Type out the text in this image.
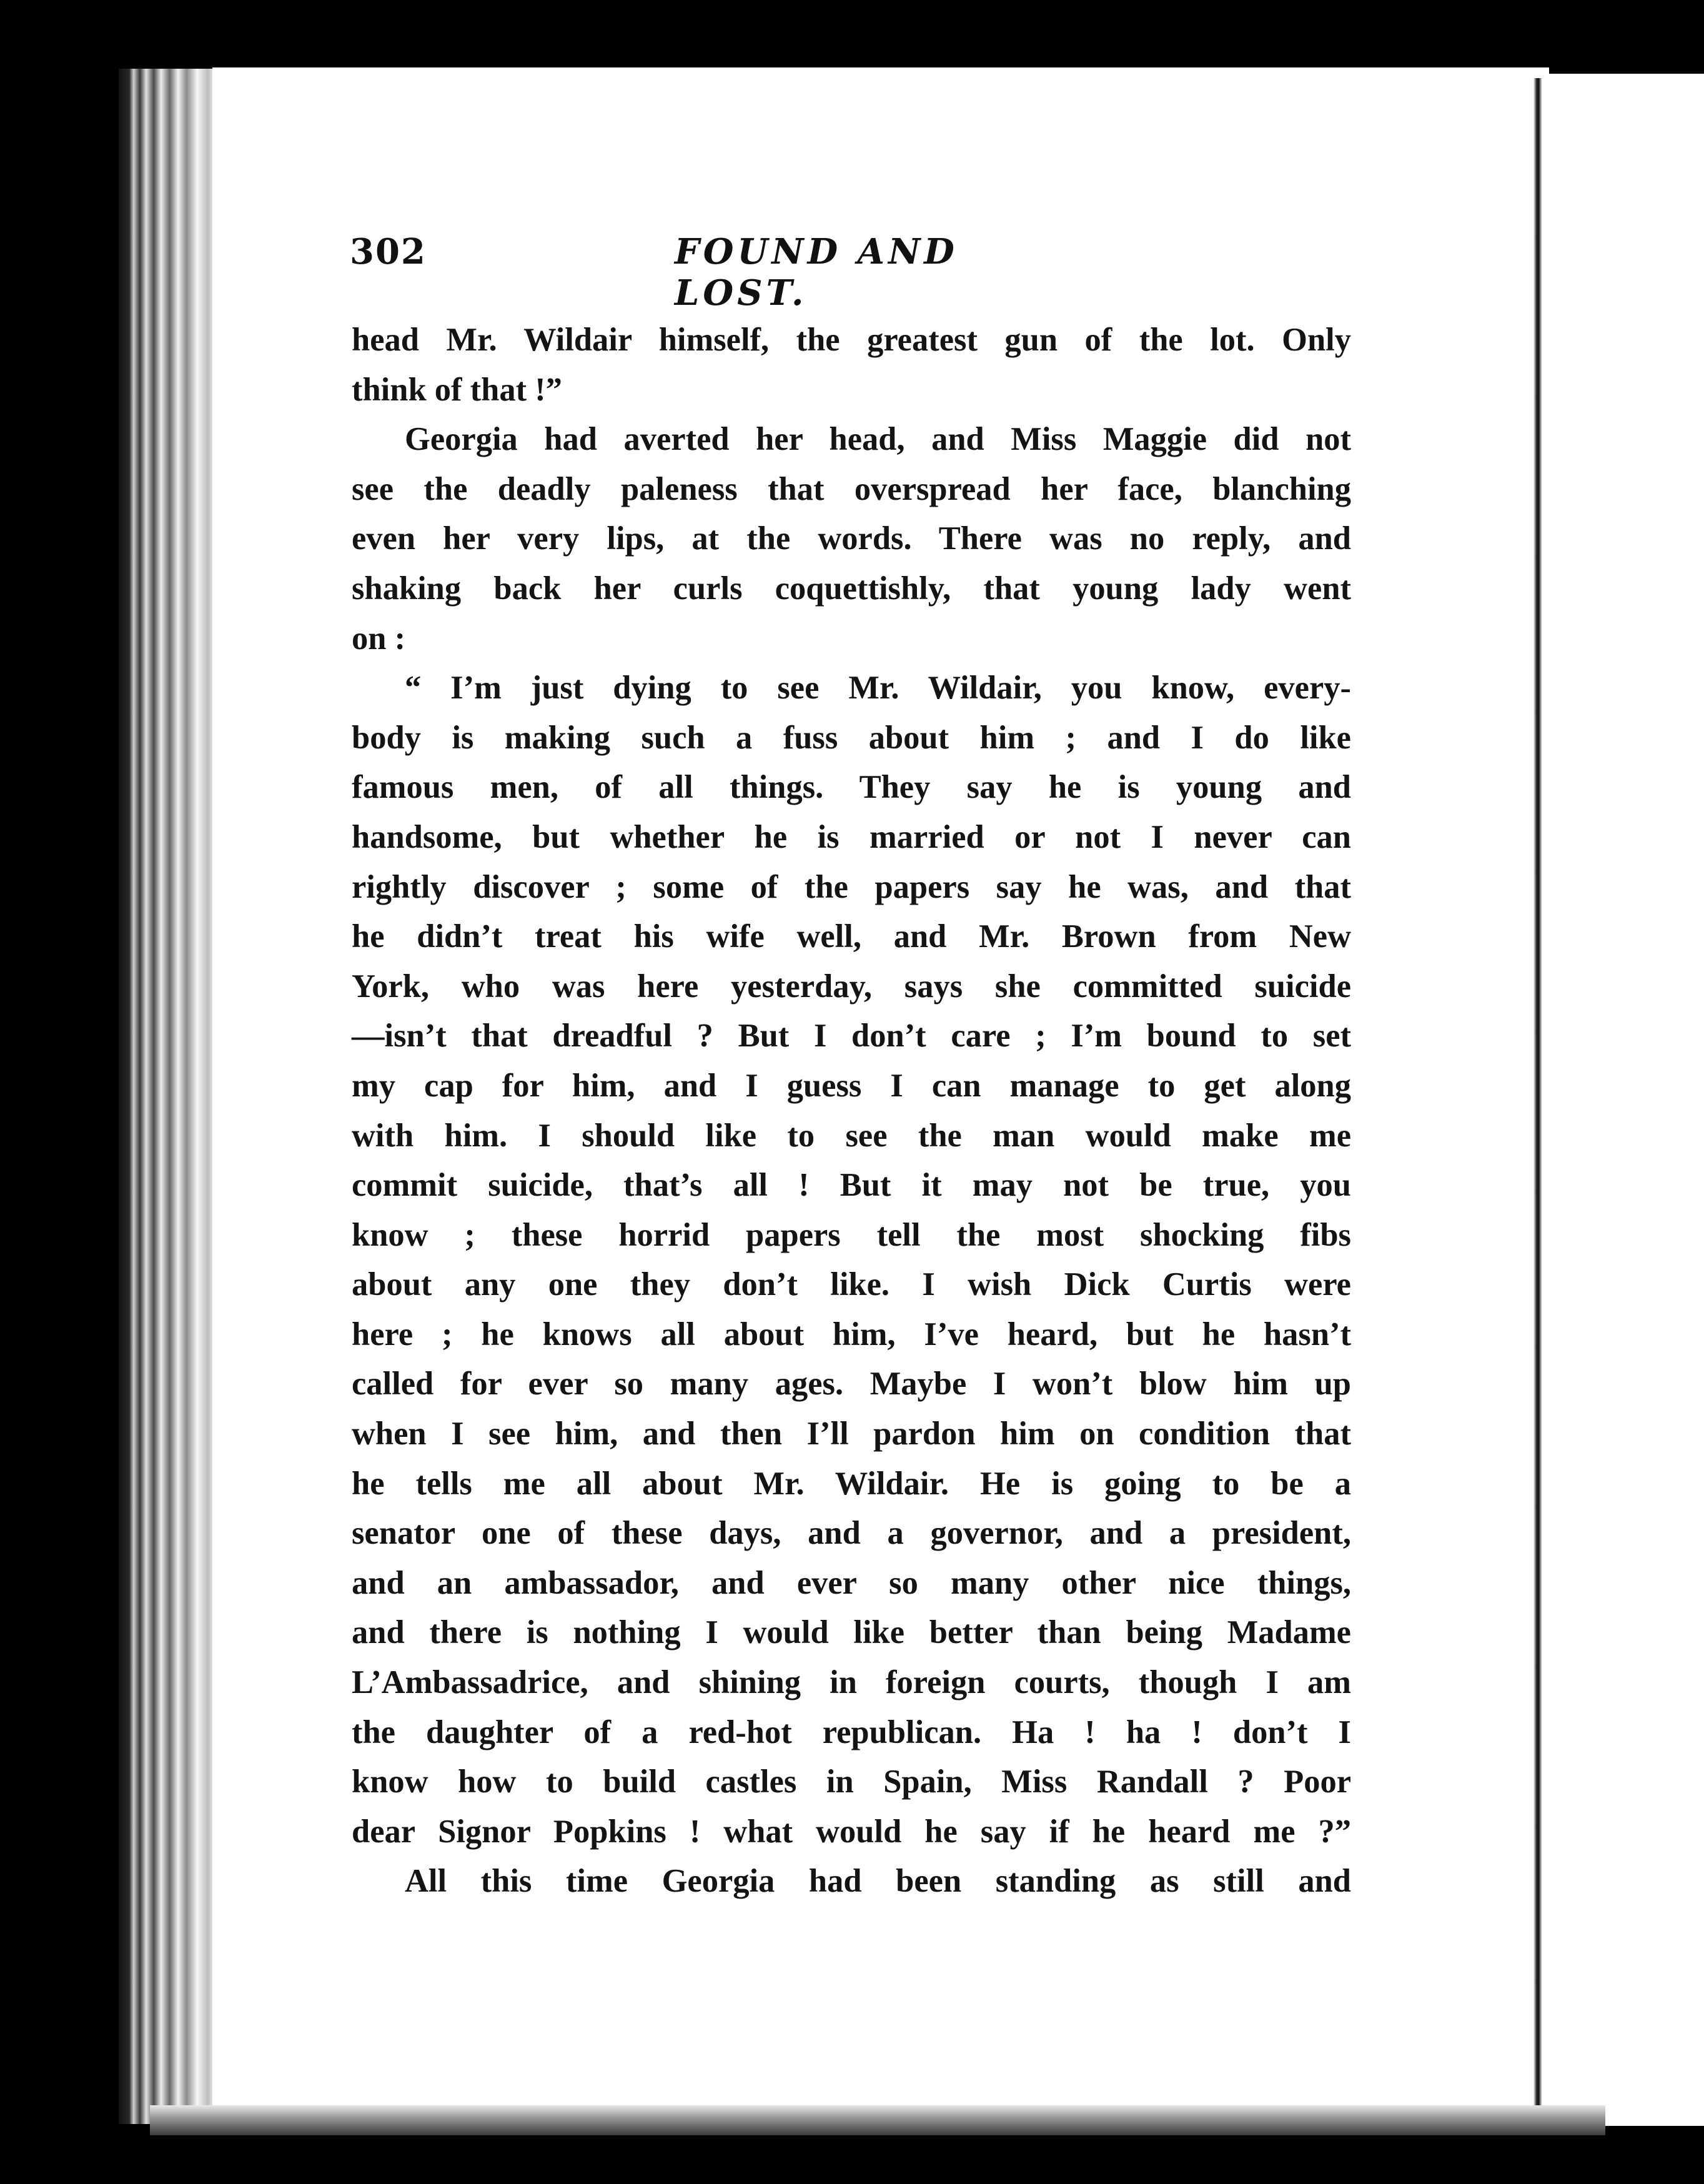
302	FOUND AND LOST.
head Mr. Wildair himself, the greatest gun of the lot. Only
think of that !”
Georgia had averted her head, and Miss Maggie did not
see the deadly paleness that overspread her face, blanching
even her very lips, at the words. There was no reply, and
shaking back her curls coquettishly, that young lady went
on :
“ I’m just dying to see Mr. Wildair, you know, every-
body is making such a fuss about him ; and I do like
famous men, of all things. They say he is young and
handsome, but whether he is married or not I never can
rightly discover ; some of the papers say he was, and that
he didn’t treat his wife well, and Mr. Brown from New
York, who was here yesterday, says she committed suicide
—isn’t that dreadful ? But I don’t care ; I’m bound to set
my cap for him, and I guess I can manage to get along
with him. I should like to see the man would make me
commit suicide, that’s all ! But it may not be true, you
know ; these horrid papers tell the most shocking fibs
about any one they don’t like. I wish Dick Curtis were
here ; he knows all about him, I’ve heard, but he hasn’t
called for ever so many ages. Maybe I won’t blow him up
when I see him, and then I’ll pardon him on condition that
he tells me all about Mr. Wildair. He is going to be a
senator one of these days, and a governor, and a president,
and an ambassador, and ever so many other nice things,
and there is nothing I would like better than being Madame
L’Ambassadrice, and shining in foreign courts, though I am
the daughter of a red-hot republican. Ha ! ha ! don’t I
know how to build castles in Spain, Miss Randall ? Poor
dear Signor Popkins ! what would he say if he heard me ?”
All this time Georgia had been standing as still and
